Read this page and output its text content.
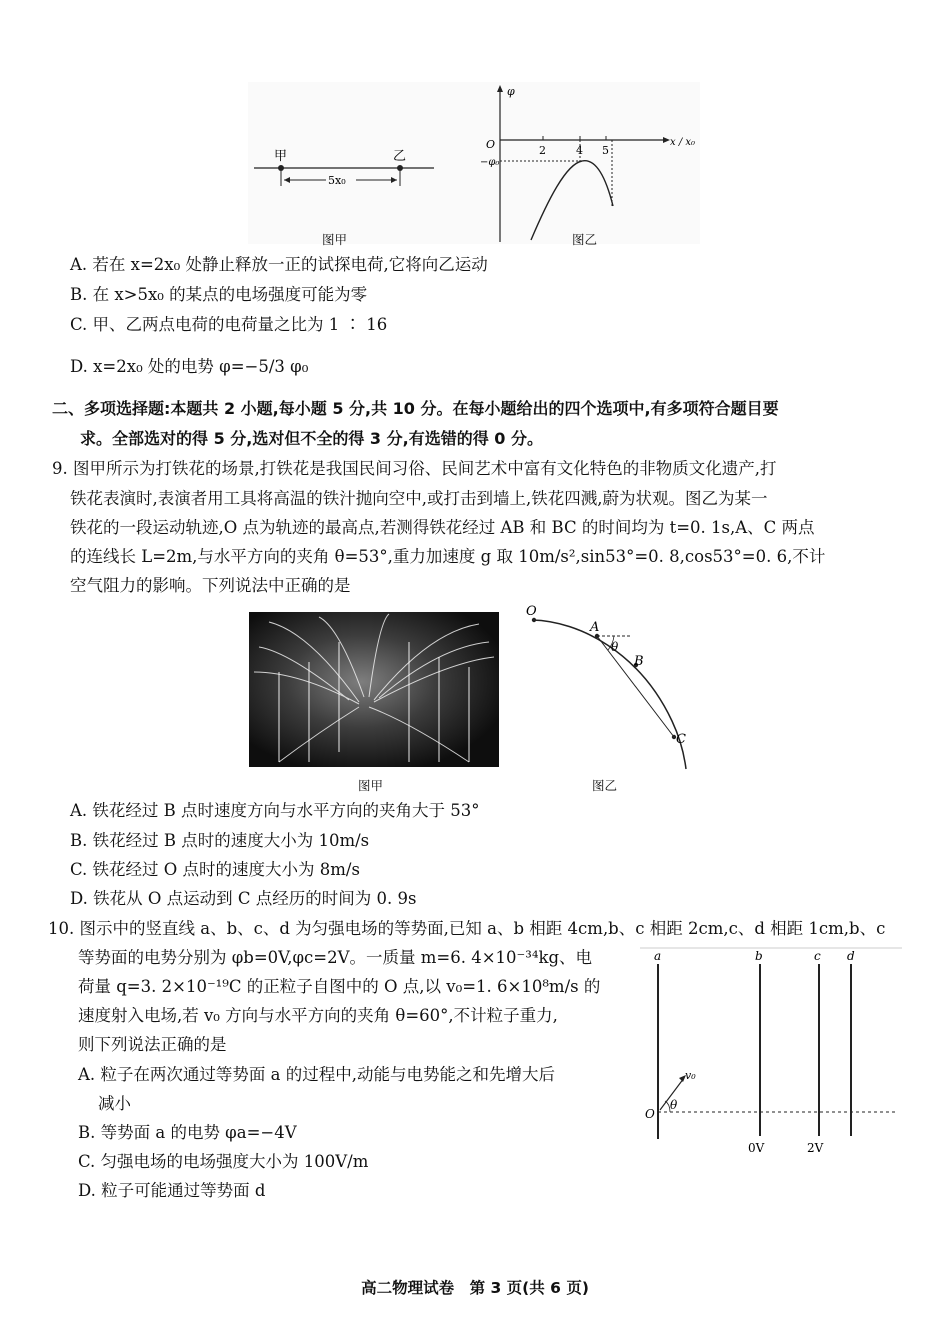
甲	乙
5x₀
φ
x / x₀
O	2	4 5
−φ₀
图甲	图乙
A. 若在 x=2x₀ 处静止释放一正的试探电荷,它将向乙运动
B. 在 x>5x₀ 的某点的电场强度可能为零
C. 甲、乙两点电荷的电荷量之比为 1 ∶ 16
D. x=2x₀ 处的电势 φ=−5/3 φ₀
二、多项选择题:本题共 2 小题,每小题 5 分,共 10 分。在每小题给出的四个选项中,有多项符合题目要
求。全部选对的得 5 分,选对但不全的得 3 分,有选错的得 0 分。
9. 图甲所示为打铁花的场景,打铁花是我国民间习俗、民间艺术中富有文化特色的非物质文化遗产,打
铁花表演时,表演者用工具将高温的铁汁抛向空中,或打击到墙上,铁花四溅,蔚为状观。图乙为某一
铁花的一段运动轨迹,O 点为轨迹的最高点,若测得铁花经过 AB 和 BC 的时间均为 t=0. 1s,A、C 两点
的连线长 L=2m,与水平方向的夹角 θ=53°,重力加速度 g 取 10m/s²,sin53°=0. 8,cos53°=0. 6,不计
空气阻力的影响。下列说法中正确的是
O
A
B
C
θ
图甲	图乙
A. 铁花经过 B 点时速度方向与水平方向的夹角大于 53°
B. 铁花经过 B 点时的速度大小为 10m/s
C. 铁花经过 O 点时的速度大小为 8m/s
D. 铁花从 O 点运动到 C 点经历的时间为 0. 9s
10. 图示中的竖直线 a、b、c、d 为匀强电场的等势面,已知 a、b 相距 4cm,b、c 相距 2cm,c、d 相距 1cm,b、c
等势面的电势分别为 φb=0V,φc=2V。一质量 m=6. 4×10⁻³⁴kg、电
荷量 q=3. 2×10⁻¹⁹C 的正粒子自图中的 O 点,以 v₀=1. 6×10⁸m/s 的
速度射入电场,若 v₀ 方向与水平方向的夹角 θ=60°,不计粒子重力,
则下列说法正确的是
A. 粒子在两次通过等势面 a 的过程中,动能与电势能之和先增大后
减小
B. 等势面 a 的电势 φa=−4V
C. 匀强电场的电场强度大小为 100V/m
D. 粒子可能通过等势面 d
a	b	c d
O
θ
v₀
0V	2V
高二物理试卷　第 3 页(共 6 页)
